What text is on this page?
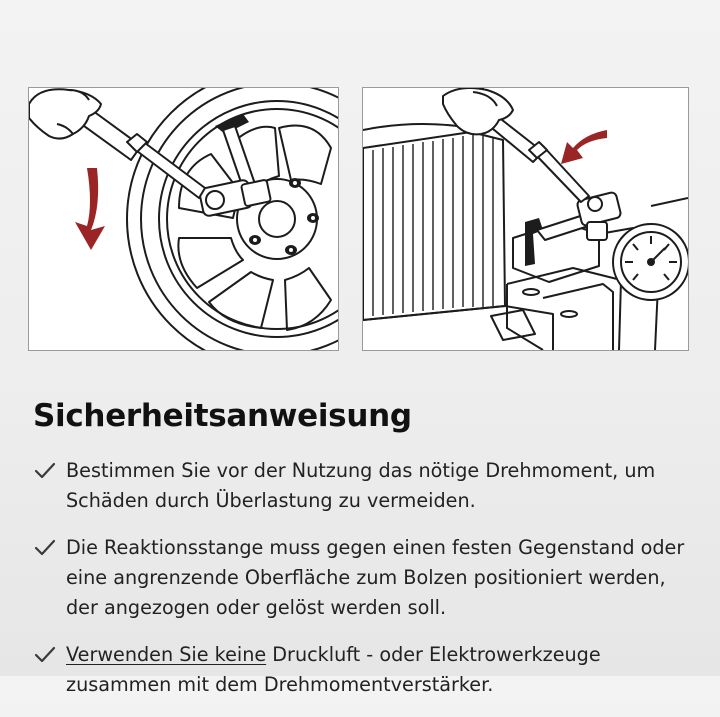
Sicherheitsanweisung
Bestimmen Sie vor der Nutzung das nötige Drehmoment, um Schäden durch Überlastung zu vermeiden.
Die Reaktionsstange muss gegen einen festen Gegenstand oder eine angrenzende Oberfläche zum Bolzen positioniert werden, der angezogen oder gelöst werden soll.
Verwenden Sie keine Druckluft - oder Elektrowerkzeuge zusammen mit dem Drehmomentverstärker.
